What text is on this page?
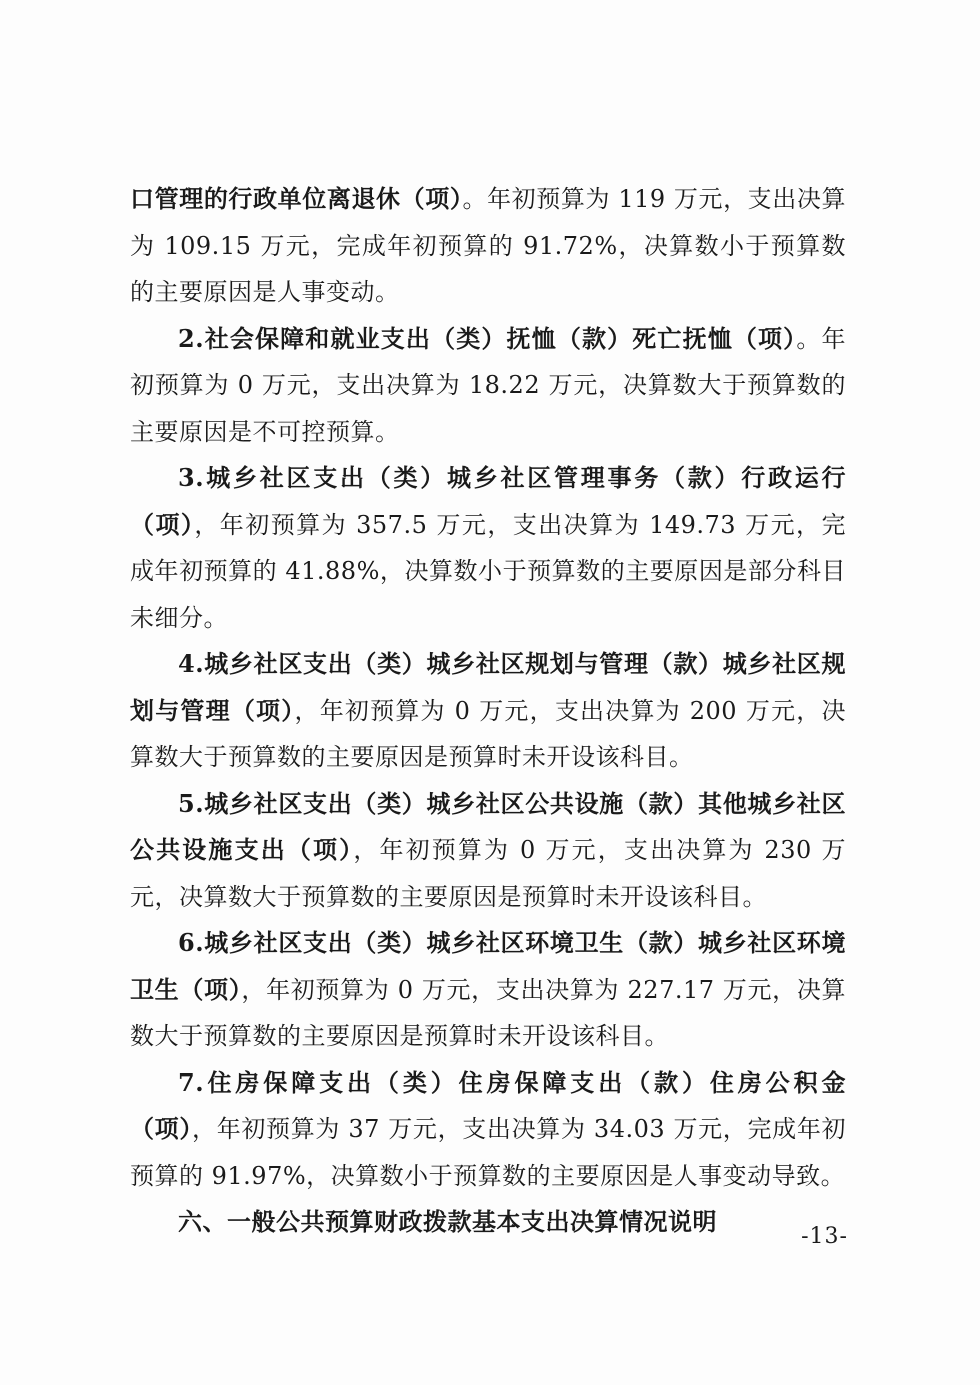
口管理的行政单位离退休（项）。年初预算为 119 万元，支出决算为 109.15 万元，完成年初预算的 91.72%，决算数小于预算数的主要原因是人事变动。

2.社会保障和就业支出（类）抚恤（款）死亡抚恤（项）。年初预算为 0 万元，支出决算为 18.22 万元，决算数大于预算数的主要原因是不可控预算。

3.城乡社区支出（类）城乡社区管理事务（款）行政运行（项），年初预算为 357.5 万元，支出决算为 149.73 万元，完成年初预算的 41.88%，决算数小于预算数的主要原因是部分科目未细分。

4.城乡社区支出（类）城乡社区规划与管理（款）城乡社区规划与管理（项），年初预算为 0 万元，支出决算为 200 万元，决算数大于预算数的主要原因是预算时未开设该科目。

5.城乡社区支出（类）城乡社区公共设施（款）其他城乡社区公共设施支出（项），年初预算为 0 万元，支出决算为 230 万元，决算数大于预算数的主要原因是预算时未开设该科目。

6.城乡社区支出（类）城乡社区环境卫生（款）城乡社区环境卫生（项），年初预算为 0 万元，支出决算为 227.17 万元，决算数大于预算数的主要原因是预算时未开设该科目。

7.住房保障支出（类）住房保障支出（款）住房公积金（项），年初预算为 37 万元，支出决算为 34.03 万元，完成年初预算的 91.97%，决算数小于预算数的主要原因是人事变动导致。

六、一般公共预算财政拨款基本支出决算情况说明

-13-
